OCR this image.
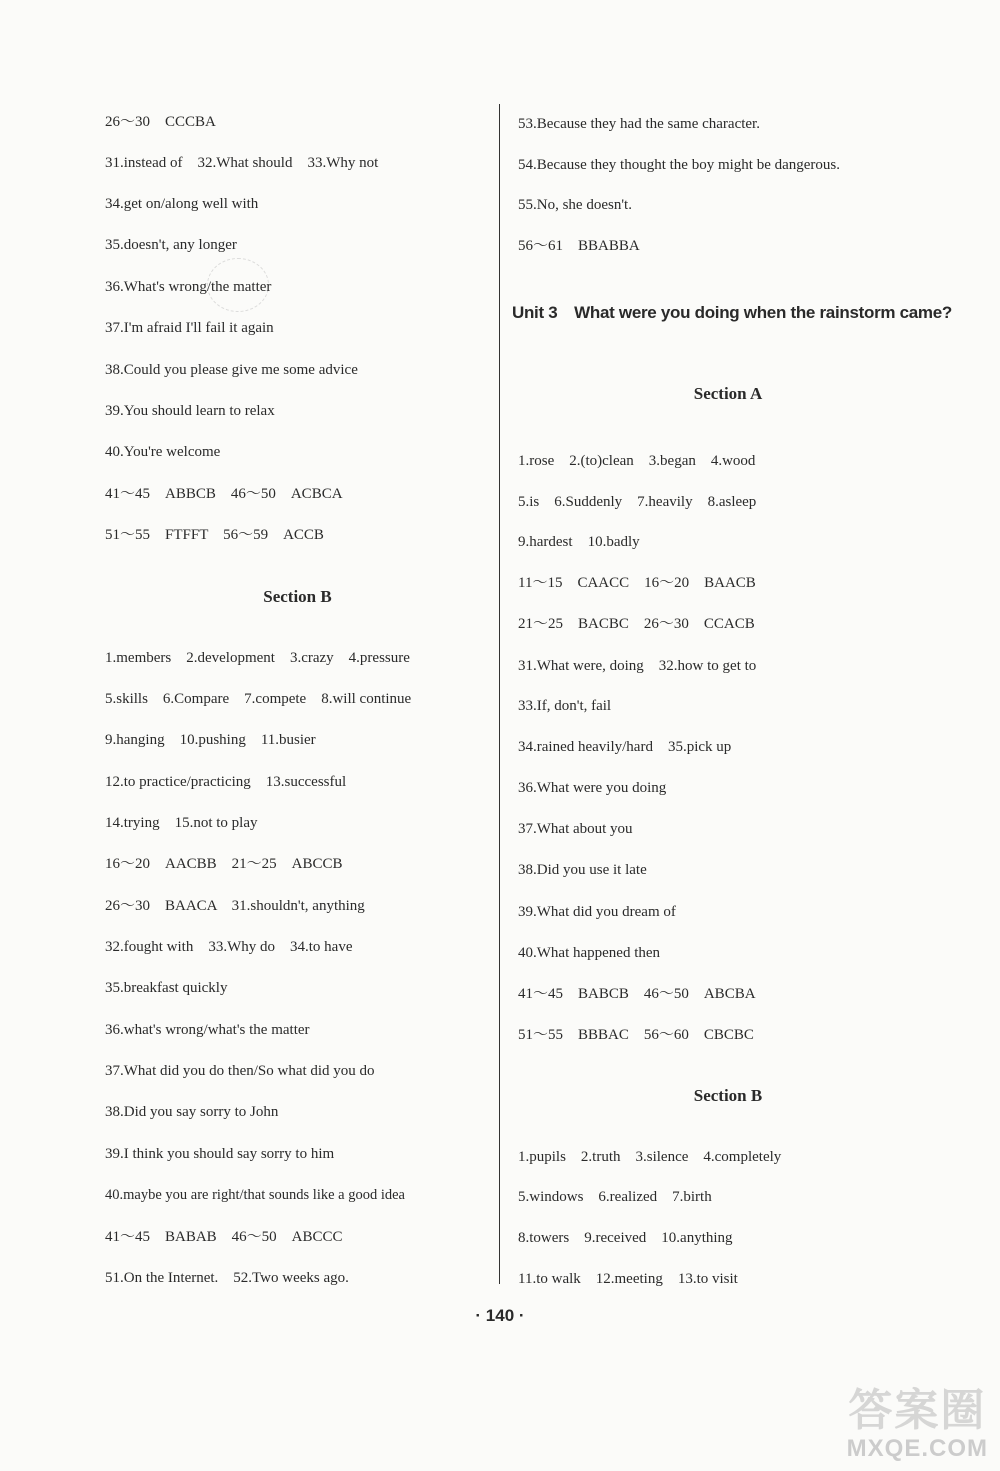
26～30　CCCBA
31.instead of　32.What should　33.Why not
34.get on/along well with
35.doesn't, any longer
36.What's wrong/the matter
37.I'm afraid I'll fail it again
38.Could you please give me some advice
39.You should learn to relax
40.You're welcome
41～45　ABBCB　46～50　ACBCA
51～55　FTFFT　56～59　ACCB
Section B
1.members　2.development　3.crazy　4.pressure
5.skills　6.Compare　7.compete　8.will continue
9.hanging　10.pushing　11.busier
12.to practice/practicing　13.successful
14.trying　15.not to play
16～20　AACBB　21～25　ABCCB
26～30　BAACA　31.shouldn't, anything
32.fought with　33.Why do　34.to have
35.breakfast quickly
36.what's wrong/what's the matter
37.What did you do then/So what did you do
38.Did you say sorry to John
39.I think you should say sorry to him
40.maybe you are right/that sounds like a good idea
41～45　BABAB　46～50　ABCCC
51.On the Internet.　52.Two weeks ago.
53.Because they had the same character.
54.Because they thought the boy might be dangerous.
55.No, she doesn't.
56～61　BBABBA
Unit 3　What were you doing when the rainstorm came?
Section A
1.rose　2.(to)clean　3.began　4.wood
5.is　6.Suddenly　7.heavily　8.asleep
9.hardest　10.badly
11～15　CAACC　16～20　BAACB
21～25　BACBC　26～30　CCACB
31.What were, doing　32.how to get to
33.If, don't, fail
34.rained heavily/hard　35.pick up
36.What were you doing
37.What about you
38.Did you use it late
39.What did you dream of
40.What happened then
41～45　BABCB　46～50　ABCBA
51～55　BBBAC　56～60　CBCBC
Section B
1.pupils　2.truth　3.silence　4.completely
5.windows　6.realized　7.birth
8.towers　9.received　10.anything
11.to walk　12.meeting　13.to visit
· 140 ·
答案圈
MXQE.COM
